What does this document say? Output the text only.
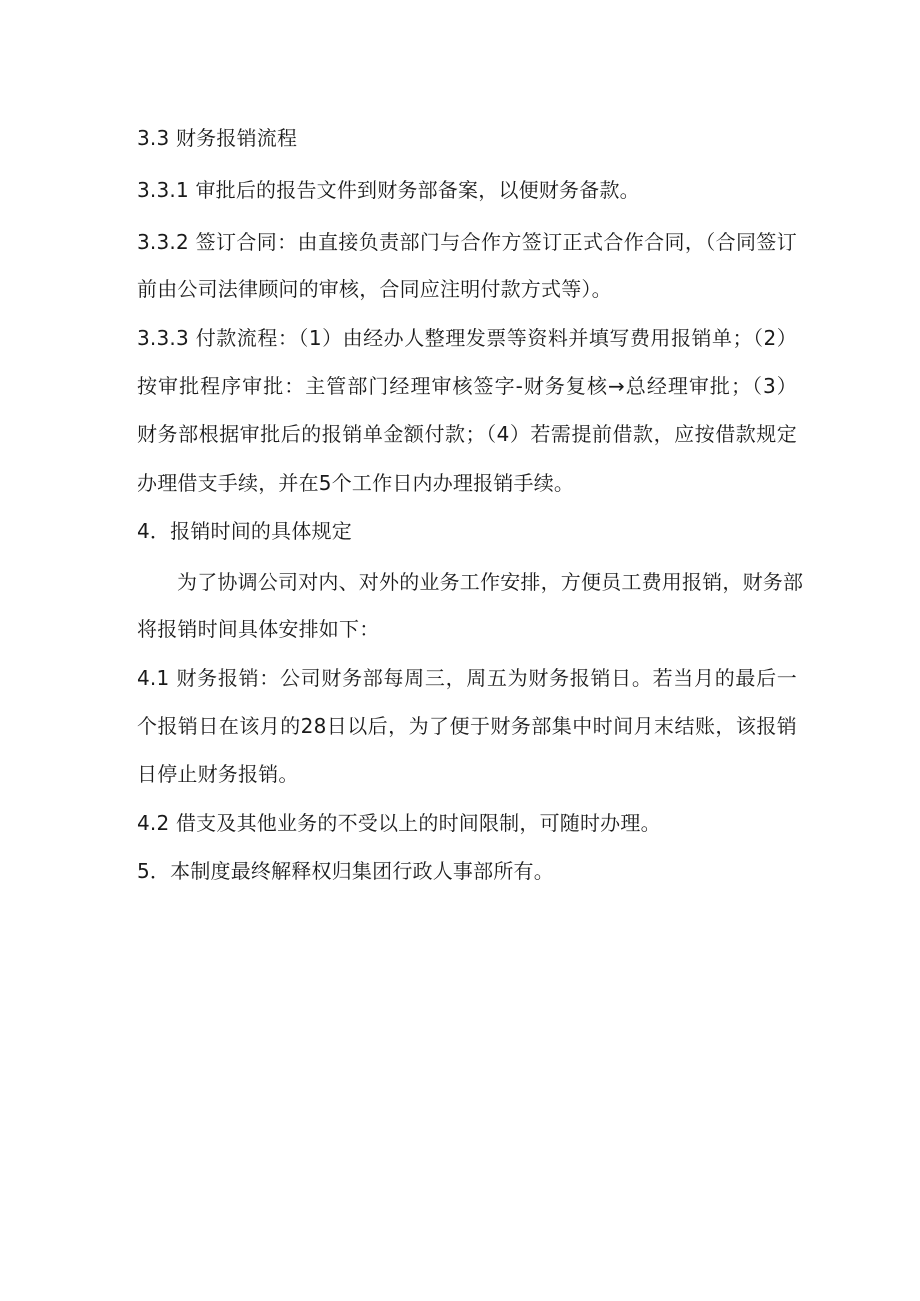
3.3 财务报销流程
3.3.1 审批后的报告文件到财务部备案，以便财务备款。
3.3.2 签订合同：由直接负责部门与合作方签订正式合作合同，（合同签订
前由公司法律顾问的审核，合同应注明付款方式等）。
3.3.3 付款流程：（1）由经办人整理发票等资料并填写费用报销单；（2）
按审批程序审批：主管部门经理审核签字-财务复核→总经理审批；（3）
财务部根据审批后的报销单金额付款；（4）若需提前借款，应按借款规定
办理借支手续，并在5个工作日内办理报销手续。
4．报销时间的具体规定
为了协调公司对内、对外的业务工作安排，方便员工费用报销，财务部
将报销时间具体安排如下：
4.1 财务报销：公司财务部每周三，周五为财务报销日。若当月的最后一
个报销日在该月的28日以后，为了便于财务部集中时间月末结账，该报销
日停止财务报销。
4.2 借支及其他业务的不受以上的时间限制，可随时办理。
5．本制度最终解释权归集团行政人事部所有。
